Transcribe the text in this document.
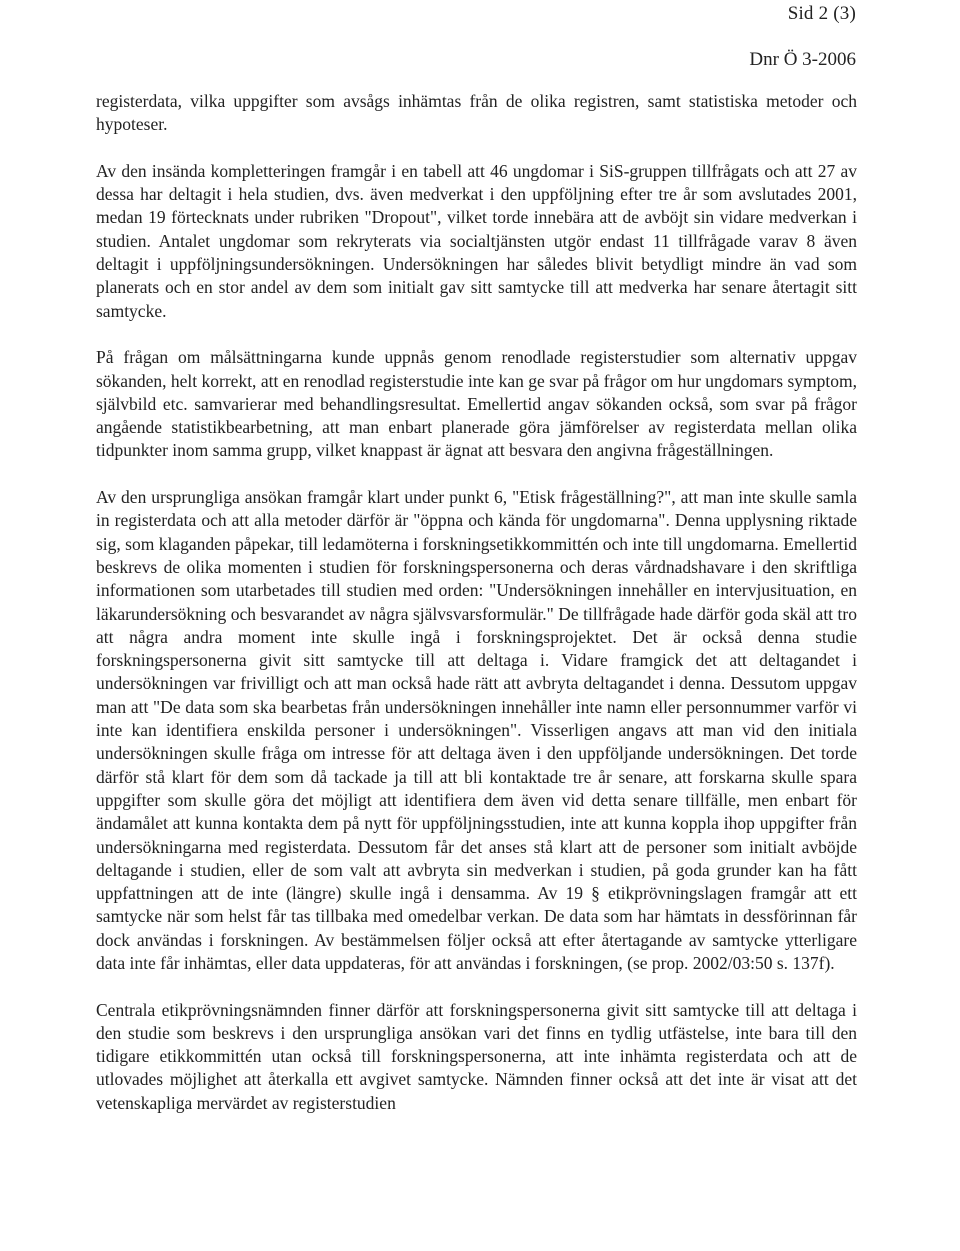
Sid 2 (3)
Dnr Ö 3-2006

registerdata, vilka uppgifter som avsågs inhämtas från de olika registren, samt statistiska metoder och hypoteser.

Av den insända kompletteringen framgår i en tabell att 46 ungdomar i SiS-gruppen tillfrågats och att 27 av dessa har deltagit i hela studien, dvs. även medverkat i den uppföljning efter tre år som avslutades 2001, medan 19 förtecknats under rubriken "Dropout", vilket torde innebära att de avböjt sin vidare medverkan i studien. Antalet ungdomar som rekryterats via socialtjänsten utgör endast 11 tillfrågade varav 8 även deltagit i uppföljningsundersökningen. Undersökningen har således blivit betydligt mindre än vad som planerats och en stor andel av dem som initialt gav sitt samtycke till att medverka har senare återtagit sitt samtycke.

På frågan om målsättningarna kunde uppnås genom renodlade registerstudier som alternativ uppgav sökanden, helt korrekt, att en renodlad registerstudie inte kan ge svar på frågor om hur ungdomars symptom, självbild etc. samvarierar med behandlingsresultat. Emellertid angav sökanden också, som svar på frågor angående statistikbearbetning, att man enbart planerade göra jämförelser av registerdata mellan olika tidpunkter inom samma grupp, vilket knappast är ägnat att besvara den angivna frågeställningen.

Av den ursprungliga ansökan framgår klart under punkt 6, "Etisk frågeställning?", att man inte skulle samla in registerdata och att alla metoder därför är "öppna och kända för ungdomarna". Denna upplysning riktade sig, som klaganden påpekar, till ledamöterna i forskningsetikkommittén och inte till ungdomarna. Emellertid beskrevs de olika momenten i studien för forskningspersonerna och deras vårdnadshavare i den skriftliga informationen som utarbetades till studien med orden: "Undersökningen innehåller en intervjusituation, en läkarundersökning och besvarandet av några självsvarsformulär." De tillfrågade hade därför goda skäl att tro att några andra moment inte skulle ingå i forskningsprojektet. Det är också denna studie forskningspersonerna givit sitt samtycke till att deltaga i. Vidare framgick det att deltagandet i undersökningen var frivilligt och att man också hade rätt att avbryta deltagandet i denna. Dessutom uppgav man att "De data som ska bearbetas från undersökningen innehåller inte namn eller personnummer varför vi inte kan identifiera enskilda personer i undersökningen". Visserligen angavs att man vid den initiala undersökningen skulle fråga om intresse för att deltaga även i den uppföljande undersökningen. Det torde därför stå klart för dem som då tackade ja till att bli kontaktade tre år senare, att forskarna skulle spara uppgifter som skulle göra det möjligt att identifiera dem även vid detta senare tillfälle, men enbart för ändamålet att kunna kontakta dem på nytt för uppföljningsstudien, inte att kunna koppla ihop uppgifter från undersökningarna med registerdata. Dessutom får det anses stå klart att de personer som initialt avböjde deltagande i studien, eller de som valt att avbryta sin medverkan i studien, på goda grunder kan ha fått uppfattningen att de inte (längre) skulle ingå i densamma. Av 19 § etikprövningslagen framgår att ett samtycke när som helst får tas tillbaka med omedelbar verkan. De data som har hämtats in dessförinnan får dock användas i forskningen. Av bestämmelsen följer också att efter återtagande av samtycke ytterligare data inte får inhämtas, eller data uppdateras, för att användas i forskningen, (se prop. 2002/03:50 s. 137f).

Centrala etikprövningsnämnden finner därför att forskningspersonerna givit sitt samtycke till att deltaga i den studie som beskrevs i den ursprungliga ansökan vari det finns en tydlig utfästelse, inte bara till den tidigare etikkommittén utan också till forskningspersonerna, att inte inhämta registerdata och att de utlovades möjlighet att återkalla ett avgivet samtycke. Nämnden finner också att det inte är visat att det vetenskapliga mervärdet av registerstudien
